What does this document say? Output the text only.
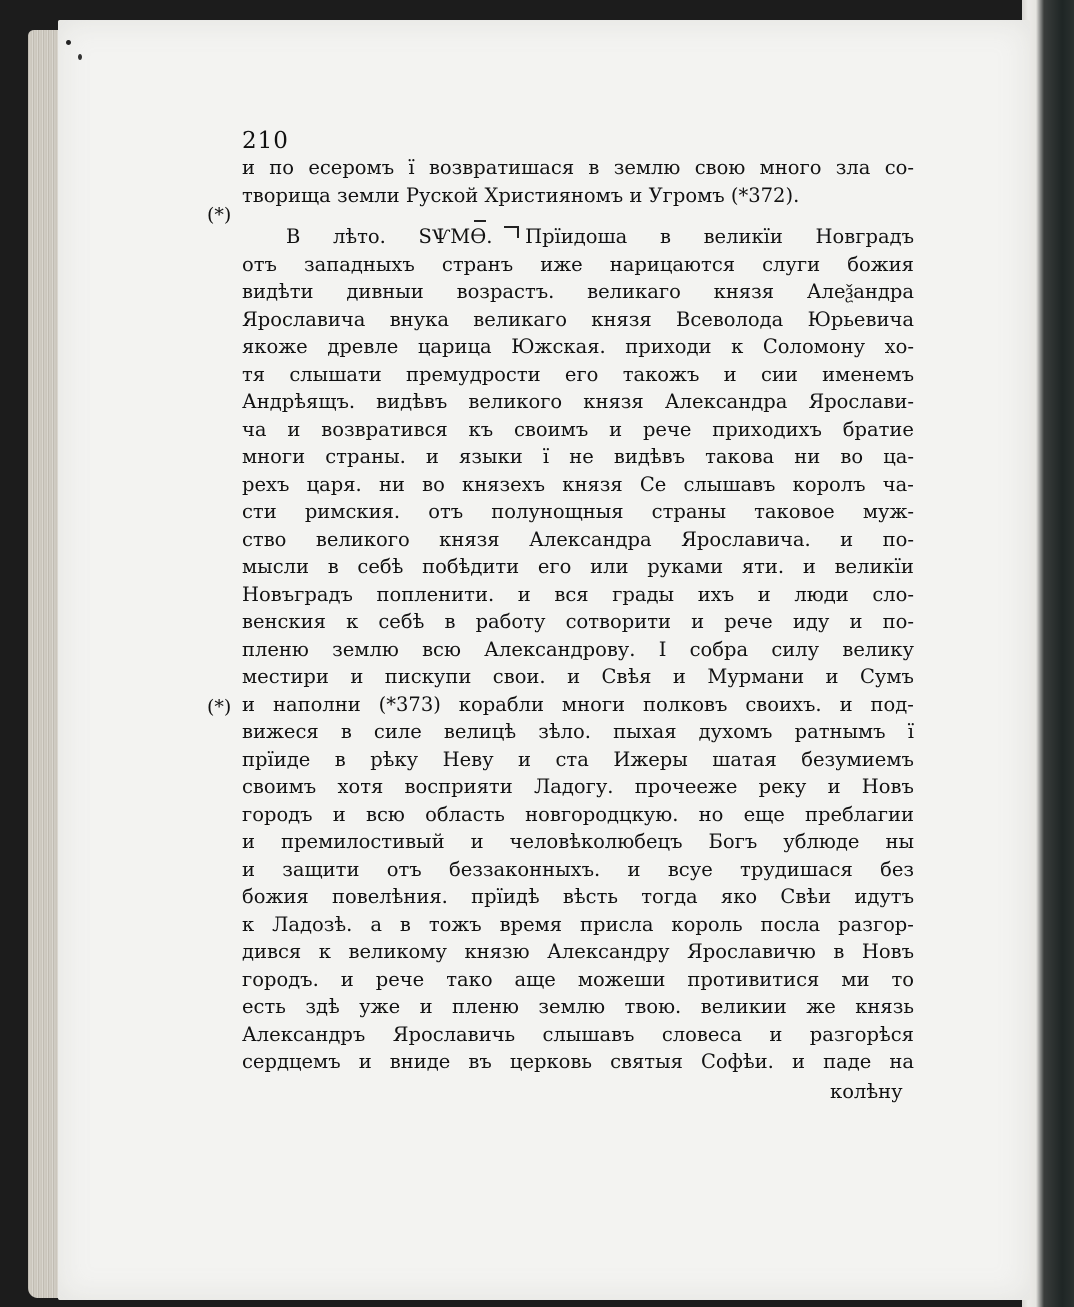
210
(*)
(*)
и по есеромъ ї возвратишася в землю свою много зла со-
творища земли Руской Християномъ и Угромъ (*372).
В лѣто. ЅѰМѲ. Прїидоша в великїи Новградъ
отъ западныхъ странъ иже нарицаются слуги божия
видѣти дивныи возрастъ. великаго князя Алеѯандра
Ярославича внука великаго князя Всеволода Юрьевича
якоже древле царица Южская. приходи к Соломону хо-
тя слышати премудрости его такожъ и сии именемъ
Андрѣящъ. видѣвъ великого князя Александра Ярослави-
ча и возвратився къ своимъ и рече приходихъ братие
многи страны. и языки ї не видѣвъ такова ни во ца-
рехъ царя. ни во князехъ князя Се слышавъ королъ ча-
сти римския. отъ полунощныя страны таковое муж-
ство великого князя Александра Ярославича. и по-
мысли в себѣ побѣдити его или руками яти. и великїи
Новъградъ попленити. и вся грады ихъ и люди сло-
венския к себѣ в работу сотворити и рече иду и по-
пленю землю всю Александрову. І собра силу велику
местири и пискупи свои. и Свѣя и Мурмани и Сумъ
и наполни (*373) корабли многи полковъ своихъ. и под-
вижеся в силе велицѣ зѣло. пыхая духомъ ратнымъ ї
прїиде в рѣку Неву и ста Ижеры шатая безумиемъ
своимъ хотя восприяти Ладогу. прочееже реку и Новъ
городъ и всю область новгородцкую. но еще преблагии
и премилостивый и человѣколюбецъ Богъ ублюде ны
и защити отъ беззаконныхъ. и всуе трудишася без
божия повелѣния. прїидѣ вѣсть тогда яко Свѣи идутъ
к Ладозѣ. а в тожъ время присла король посла разгор-
дився к великому князю Александру Ярославичю в Новъ
городъ. и рече тако аще можеши противитися ми то
есть здѣ уже и пленю землю твою. великии же князь
Александръ Ярославичь слышавъ словеса и разгорѣся
сердцемъ и вниде въ церковь святыя Софѣи. и паде на
колѣну
